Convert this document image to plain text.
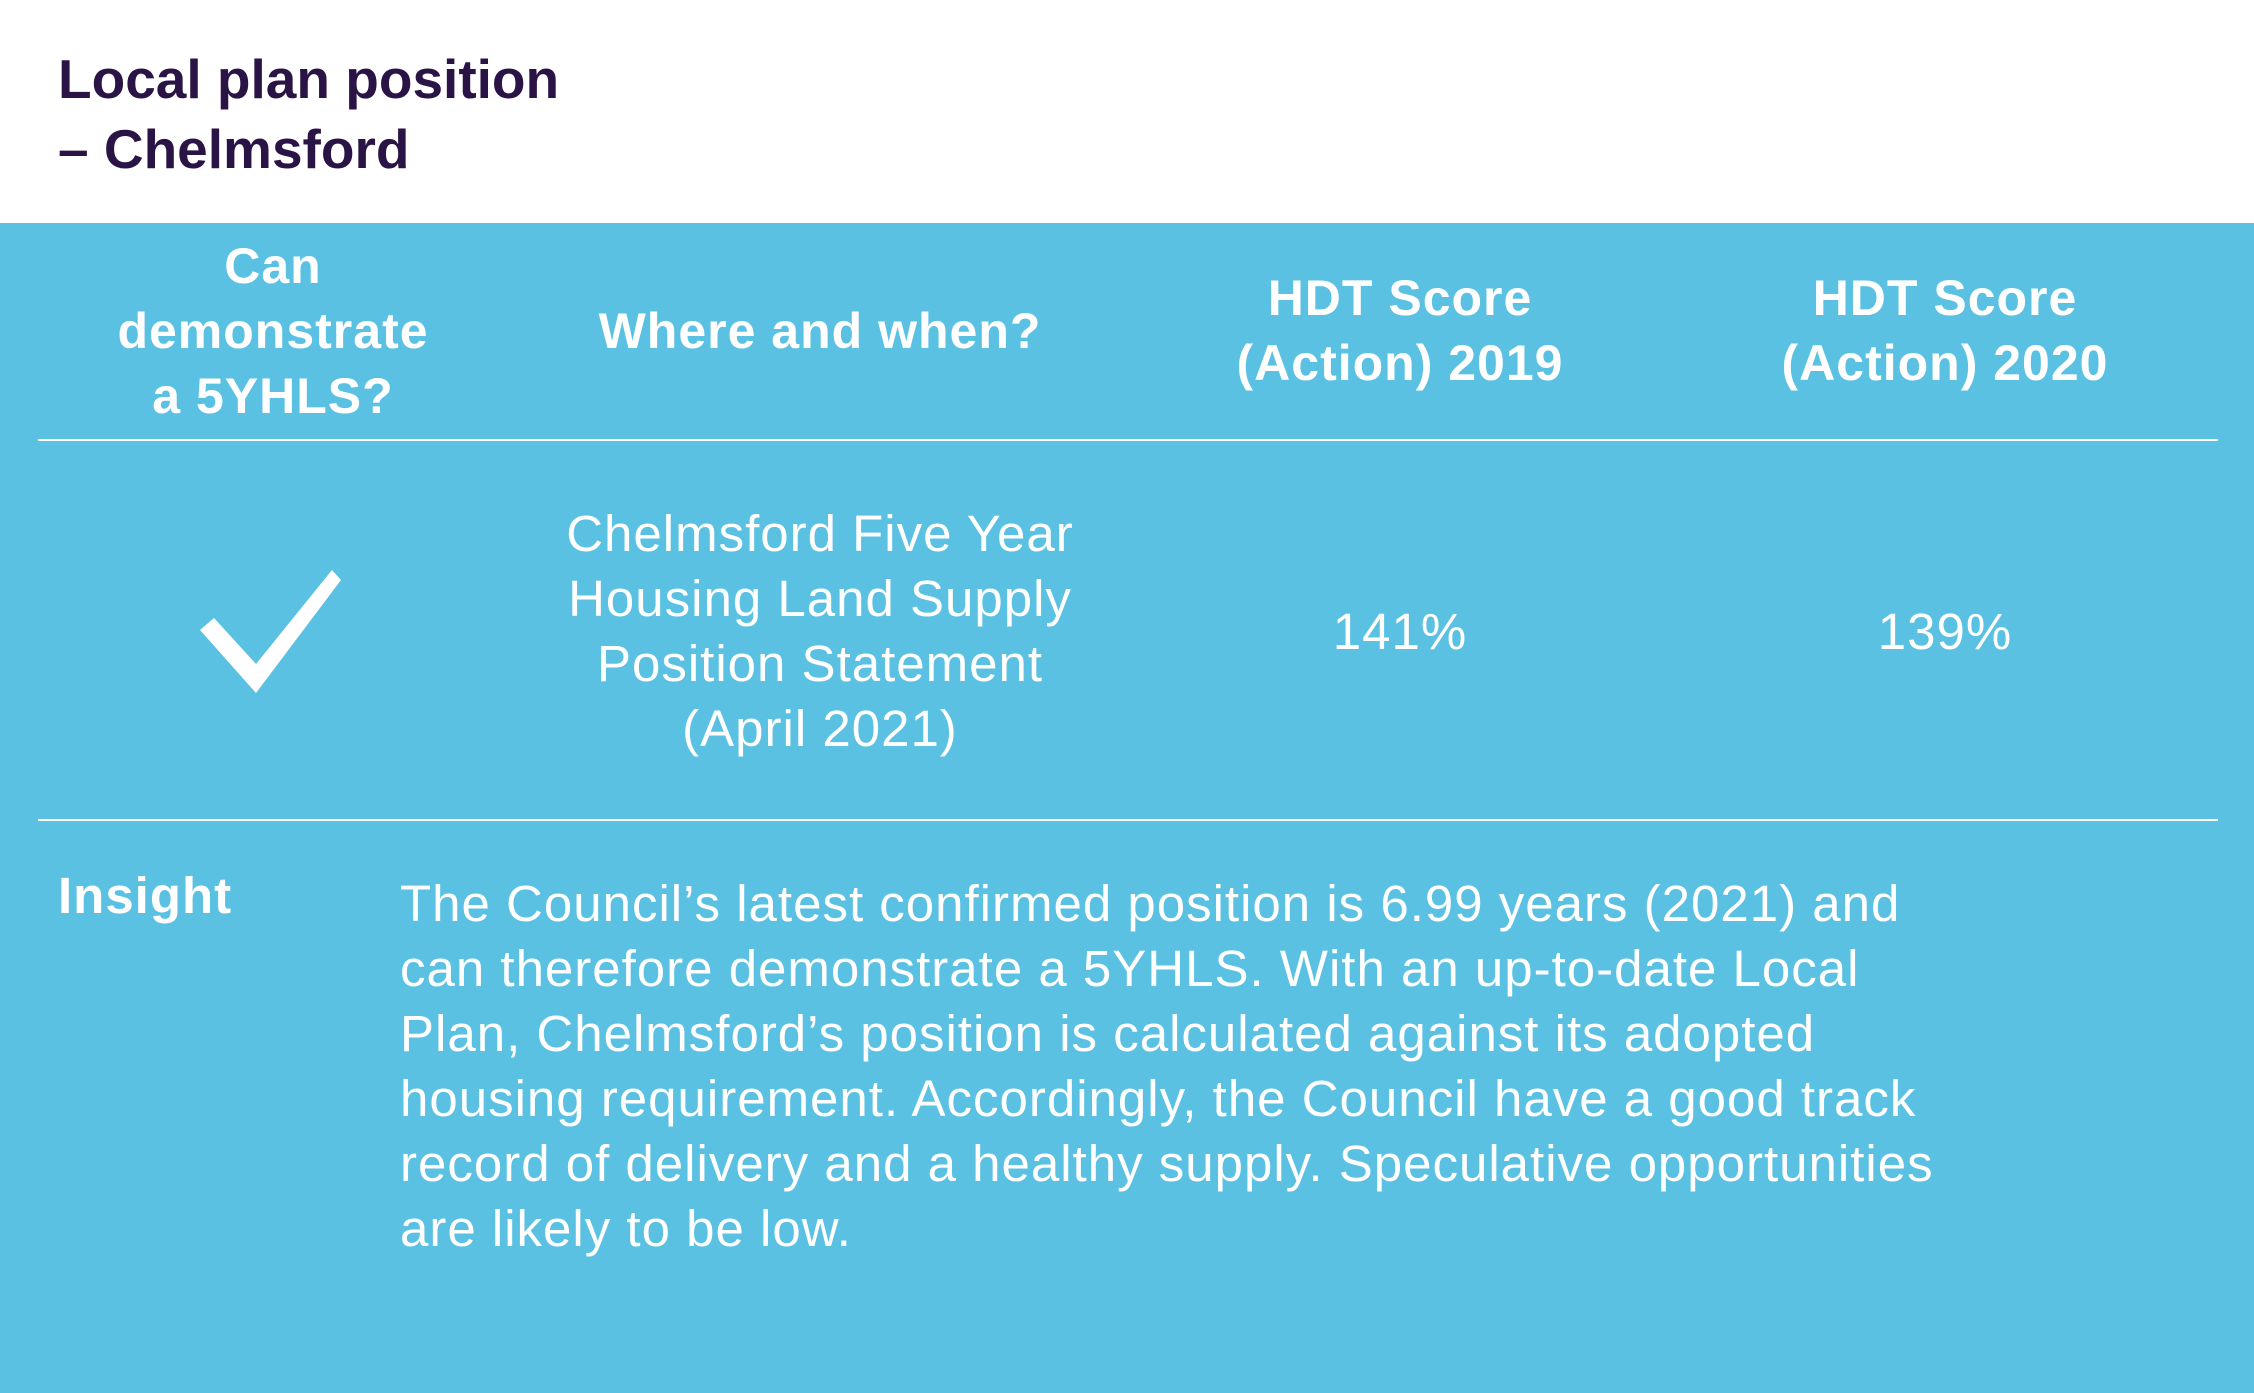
Local plan position
– Chelmsford
Can
demonstrate
a 5YHLS?
Where and when?
HDT Score
(Action) 2019
HDT Score
(Action) 2020
Chelmsford Five Year
Housing Land Supply
Position Statement
(April 2021)
141%	139%
Insight	The Council’s latest confirmed position is 6.99 years (2021) and
can therefore demonstrate a 5YHLS. With an up-to-date Local
Plan, Chelmsford’s position is calculated against its adopted
housing requirement. Accordingly, the Council have a good track
record of delivery and a healthy supply. Speculative opportunities
are likely to be low.
